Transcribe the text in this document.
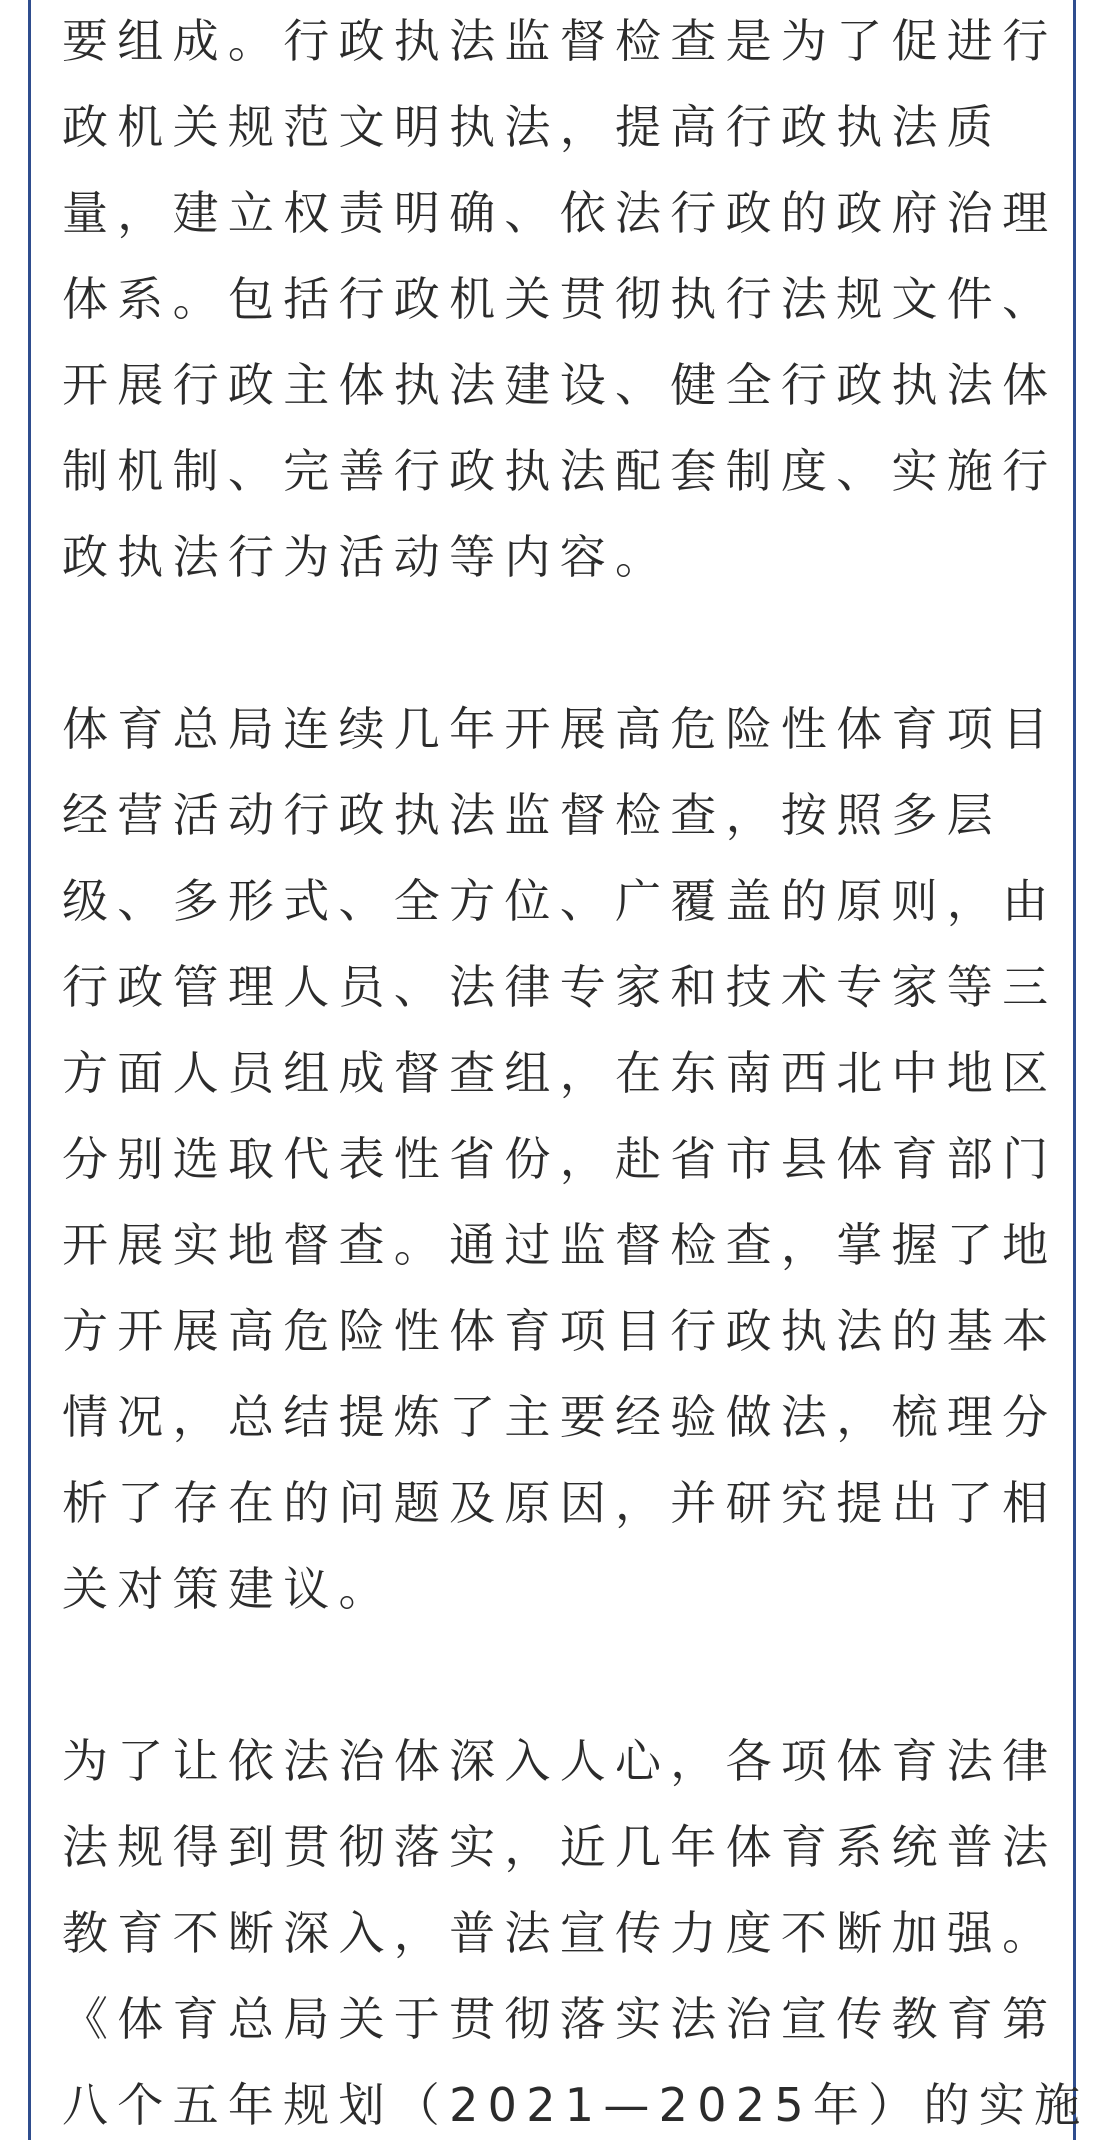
要组成。行政执法监督检查是为了促进行
政机关规范文明执法，提高行政执法质
量，建立权责明确、依法行政的政府治理
体系。包括行政机关贯彻执行法规文件、
开展行政主体执法建设、健全行政执法体
制机制、完善行政执法配套制度、实施行
政执法行为活动等内容。
体育总局连续几年开展高危险性体育项目
经营活动行政执法监督检查，按照多层
级、多形式、全方位、广覆盖的原则，由
行政管理人员、法律专家和技术专家等三
方面人员组成督查组，在东南西北中地区
分别选取代表性省份，赴省市县体育部门
开展实地督查。通过监督检查，掌握了地
方开展高危险性体育项目行政执法的基本
情况，总结提炼了主要经验做法，梳理分
析了存在的问题及原因，并研究提出了相
关对策建议。
为了让依法治体深入人心，各项体育法律
法规得到贯彻落实，近几年体育系统普法
教育不断深入，普法宣传力度不断加强。
《体育总局关于贯彻落实法治宣传教育第
八个五年规划（2021—2025年）的实施
